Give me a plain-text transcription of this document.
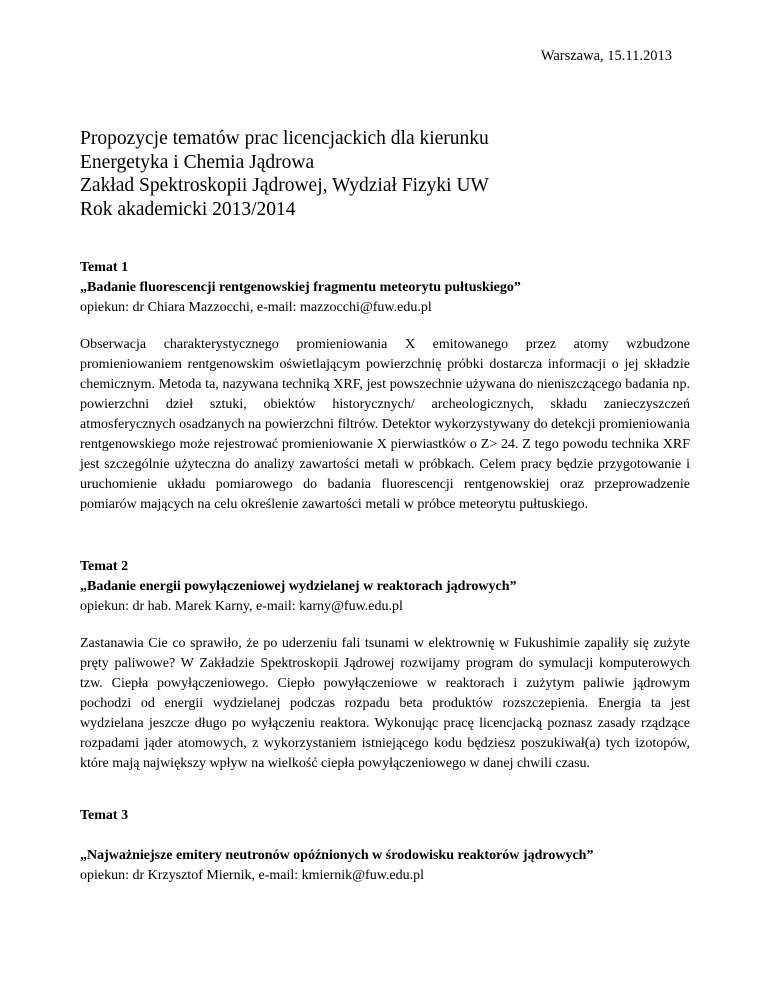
Warszawa, 15.11.2013
Propozycje tematów prac licencjackich dla kierunku
Energetyka i Chemia Jądrowa
Zakład Spektroskopii Jądrowej, Wydział Fizyki UW
Rok akademicki 2013/2014
Temat 1
„Badanie fluorescencji rentgenowskiej fragmentu meteorytu pułtuskiego”
opiekun: dr Chiara Mazzocchi, e-mail: mazzocchi@fuw.edu.pl
Obserwacja charakterystycznego promieniowania X emitowanego przez atomy wzbudzone promieniowaniem rentgenowskim oświetlającym powierzchnię próbki dostarcza informacji o jej składzie chemicznym. Metoda ta, nazywana techniką XRF, jest powszechnie używana do nieniszczącego badania np. powierzchni dzieł sztuki, obiektów historycznych/ archeologicznych, składu zanieczyszczeń atmosferycznych osadzanych na powierzchni filtrów. Detektor wykorzystywany do detekcji promieniowania rentgenowskiego może rejestrować promieniowanie X pierwiastków o Z> 24. Z tego powodu technika XRF jest szczególnie użyteczna do analizy zawartości metali w próbkach. Celem pracy będzie przygotowanie i uruchomienie układu pomiarowego do badania fluorescencji rentgenowskiej oraz przeprowadzenie pomiarów mających na celu określenie zawartości metali w próbce meteorytu pułtuskiego.
Temat 2
„Badanie energii powyłączeniowej wydzielanej w reaktorach jądrowych”
opiekun: dr hab. Marek Karny, e-mail: karny@fuw.edu.pl
Zastanawia Cie co sprawiło, że po uderzeniu fali tsunami w elektrownię w Fukushimie zapaliły się zużyte pręty paliwowe? W Zakładzie Spektroskopii Jądrowej rozwijamy program do symulacji komputerowych tzw. Ciepła powyłączeniowego. Ciepło powyłączeniowe w reaktorach i zużytym paliwie jądrowym pochodzi od energii wydzielanej podczas rozpadu beta produktów rozszczepienia. Energia ta jest wydzielana jeszcze długo po wyłączeniu reaktora. Wykonując pracę licencjacką poznasz zasady rządzące rozpadami jąder atomowych, z wykorzystaniem istniejącego kodu będziesz poszukiwał(a) tych izotopów, które mają największy wpływ na wielkość ciepła powyłączeniowego w danej chwili czasu.
Temat 3
„Najważniejsze emitery neutronów opóźnionych w środowisku reaktorów jądrowych”
opiekun: dr Krzysztof Miernik, e-mail: kmiernik@fuw.edu.pl
